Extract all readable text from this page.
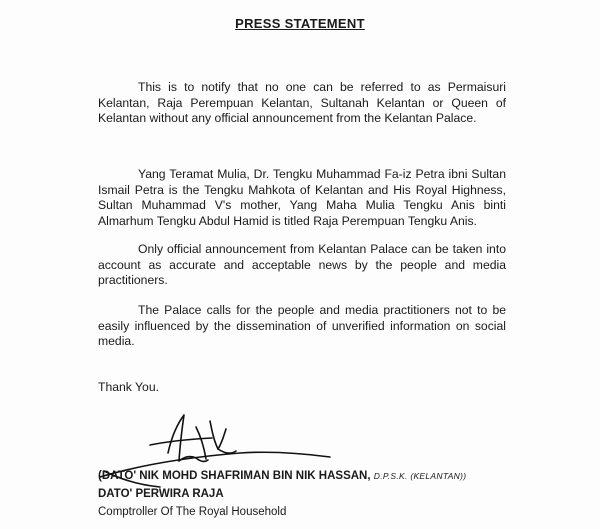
PRESS STATEMENT

This is to notify that no one can be referred to as Permaisuri Kelantan, Raja Perempuan Kelantan, Sultanah Kelantan or Queen of Kelantan without any official announcement from the Kelantan Palace.

Yang Teramat Mulia, Dr. Tengku Muhammad Fa-iz Petra ibni Sultan Ismail Petra is the Tengku Mahkota of Kelantan and His Royal Highness, Sultan Muhammad V's mother, Yang Maha Mulia Tengku Anis binti Almarhum Tengku Abdul Hamid is titled Raja Perempuan Tengku Anis.

Only official announcement from Kelantan Palace can be taken into account as accurate and acceptable news by the people and media practitioners.

The Palace calls for the people and media practitioners not to be easily influenced by the dissemination of unverified information on social media.

Thank You.

(DATO' NIK MOHD SHAFRIMAN BIN NIK HASSAN, D.P.S.K. (KELANTAN))
DATO' PERWIRA RAJA
Comptroller Of The Royal Household
